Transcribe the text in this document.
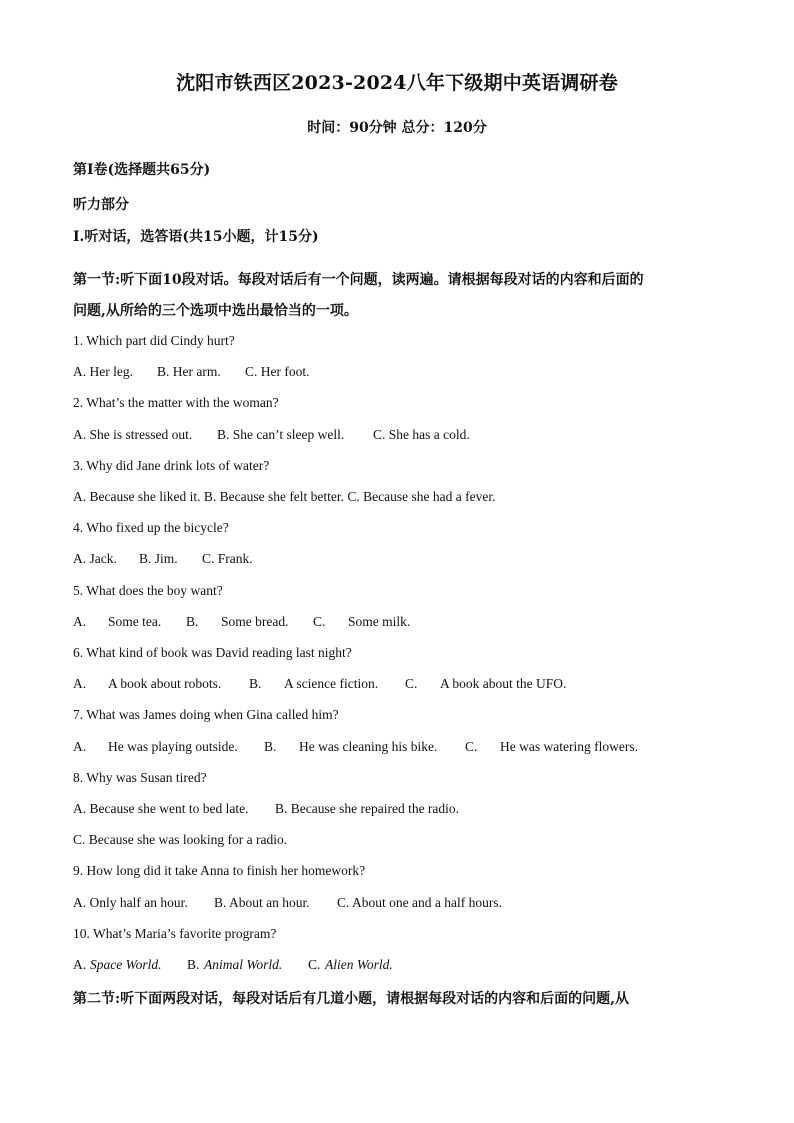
沈阳市铁西区2023-2024八年下级期中英语调研卷
时间：90分钟 总分：120分
第I卷(选择题共65分)
听力部分
I.听对话，选答语(共15小题，计15分)
第一节:听下面10段对话。每段对话后有一个问题，读两遍。请根据每段对话的内容和后面的
问题,从所给的三个选项中选出最恰当的一项。
1. Which part did Cindy hurt?
A. Her leg. B. Her arm. C. Her foot.
2. What’s the matter with the woman?
A. She is stressed out. B. She can’t sleep well. C. She has a cold.
3. Why did Jane drink lots of water?
A. Because she liked it. B. Because she felt better. C. Because she had a fever.
4. Who fixed up the bicycle?
A. Jack. B. Jim. C. Frank.
5. What does the boy want?
A. Some tea. B. Some bread. C. Some milk.
6. What kind of book was David reading last night?
A. A book about robots. B. A science fiction. C. A book about the UFO.
7. What was James doing when Gina called him?
A. He was playing outside. B. He was cleaning his bike. C. He was watering flowers.
8. Why was Susan tired?
A. Because she went to bed late. B. Because she repaired the radio.
C. Because she was looking for a radio.
9. How long did it take Anna to finish her homework?
A. Only half an hour. B. About an hour. C. About one and a half hours.
10. What’s Maria’s favorite program?
A. Space World. B. Animal World. C. Alien World.
第二节:听下面两段对话，每段对话后有几道小题，请根据每段对话的内容和后面的问题,从
